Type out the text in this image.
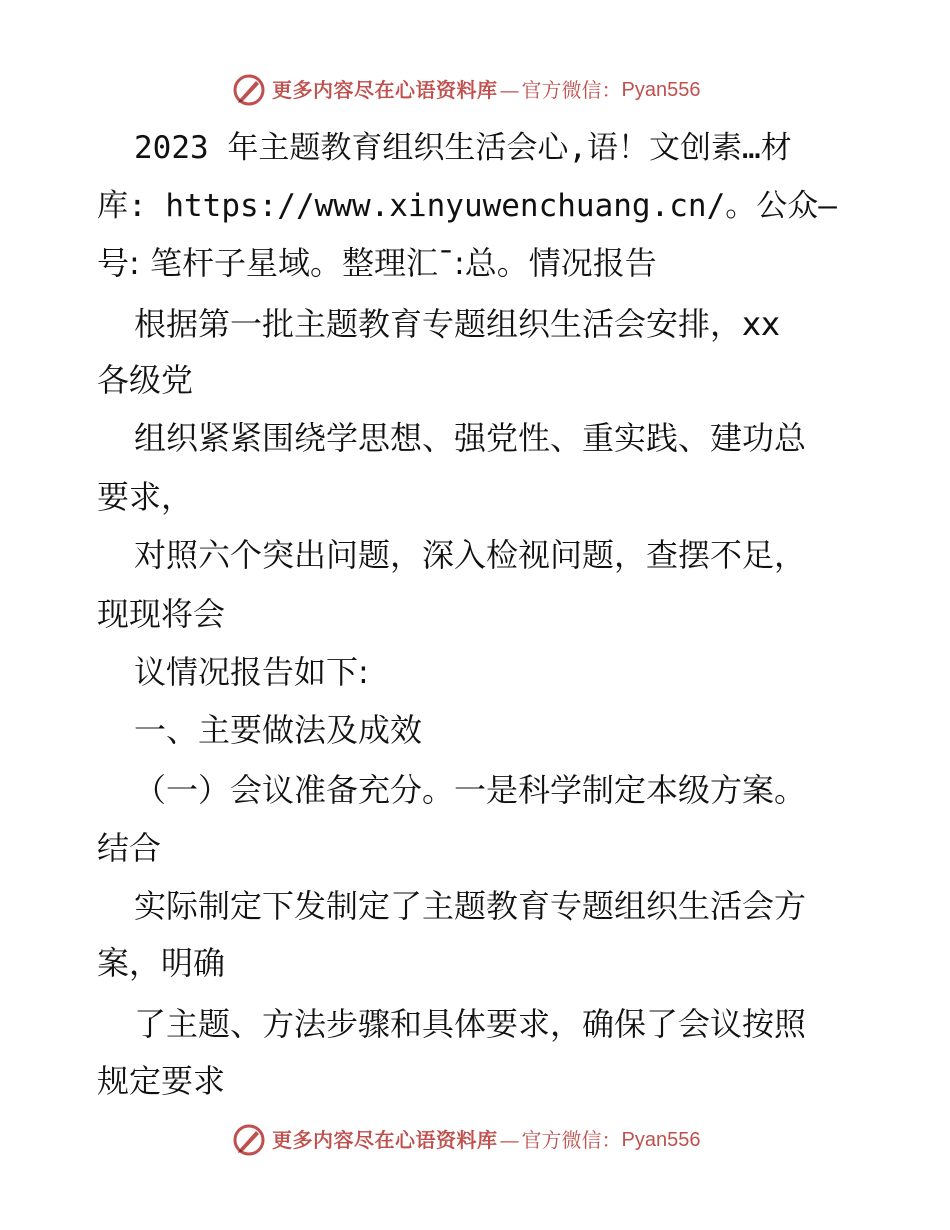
更多内容尽在心语资料库 — 官方微信： Pyan556
2023 年主题教育组织生活会心,语！文创素…材
库: https://www.xinyuwenchuang.cn/。公众—
号: 笔杆子星域。整理汇¯:总。情况报告
根据第一批主题教育专题组织生活会安排，xx
各级党
组织紧紧围绕学思想、强党性、重实践、建功总
要求，
对照六个突出问题，深入检视问题，查摆不足，
现现将会
议情况报告如下:
一、主要做法及成效
（一）会议准备充分。一是科学制定本级方案。
结合
实际制定下发制定了主题教育专题组织生活会方
案，明确
了主题、方法步骤和具体要求，确保了会议按照
规定要求
更多内容尽在心语资料库 — 官方微信： Pyan556
